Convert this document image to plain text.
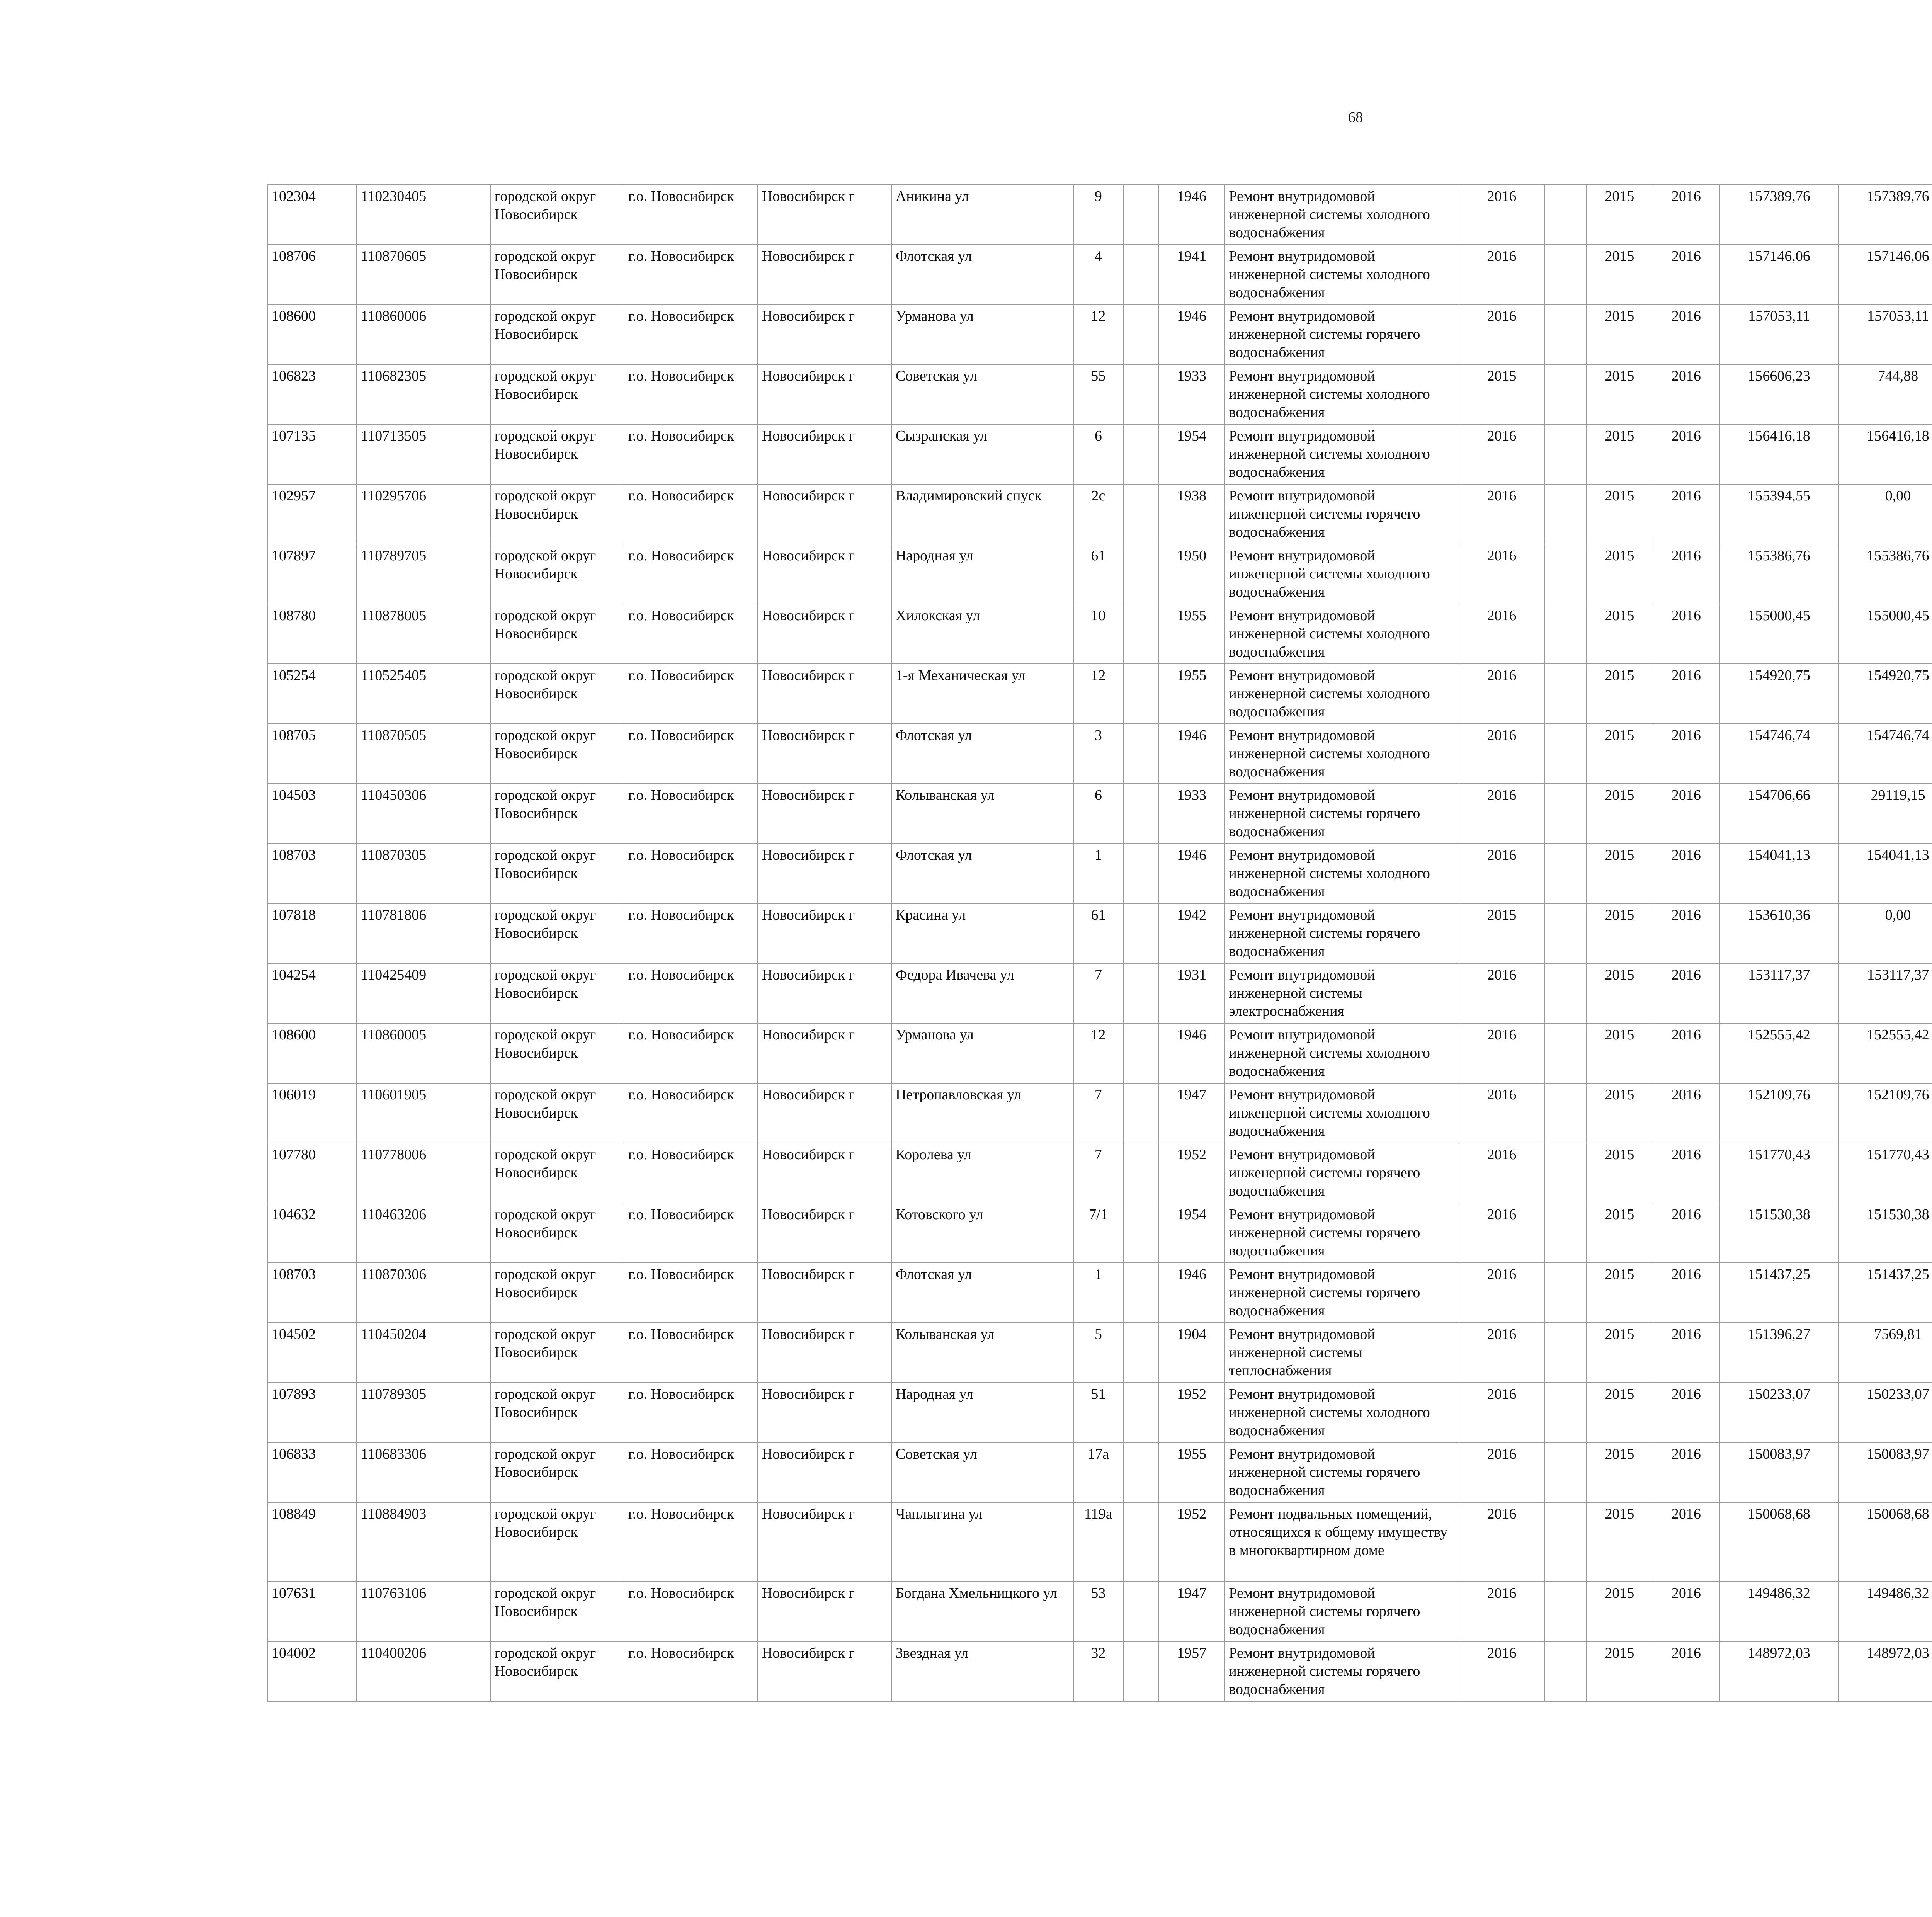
68
102304	110230405	городской округ Новосибирск	г.о. Новосибирск	Новосибирск г	Аникина ул	9		1946	Ремонт внутридомовой инженерной системы холодного водоснабжения	2016		2015	2016	157389,76	157389,76						
108706	110870605	городской округ Новосибирск	г.о. Новосибирск	Новосибирск г	Флотская ул	4		1941	Ремонт внутридомовой инженерной системы холодного водоснабжения	2016		2015	2016	157146,06	157146,06						
108600	110860006	городской округ Новосибирск	г.о. Новосибирск	Новосибирск г	Урманова ул	12		1946	Ремонт внутридомовой инженерной системы горячего водоснабжения	2016		2015	2016	157053,11	157053,11						
106823	110682305	городской округ Новосибирск	г.о. Новосибирск	Новосибирск г	Советская ул	55		1933	Ремонт внутридомовой инженерной системы холодного водоснабжения	2015		2015	2016	156606,23	744,88						
107135	110713505	городской округ Новосибирск	г.о. Новосибирск	Новосибирск г	Сызранская ул	6		1954	Ремонт внутридомовой инженерной системы холодного водоснабжения	2016		2015	2016	156416,18	156416,18						
102957	110295706	городской округ Новосибирск	г.о. Новосибирск	Новосибирск г	Владимировский спуск	2с		1938	Ремонт внутридомовой инженерной системы горячего водоснабжения	2016		2015	2016	155394,55	0,00						
107897	110789705	городской округ Новосибирск	г.о. Новосибирск	Новосибирск г	Народная ул	61		1950	Ремонт внутридомовой инженерной системы холодного водоснабжения	2016		2015	2016	155386,76	155386,76						
108780	110878005	городской округ Новосибирск	г.о. Новосибирск	Новосибирск г	Хилокская ул	10		1955	Ремонт внутридомовой инженерной системы холодного водоснабжения	2016		2015	2016	155000,45	155000,45						
105254	110525405	городской округ Новосибирск	г.о. Новосибирск	Новосибирск г	1-я Механическая ул	12		1955	Ремонт внутридомовой инженерной системы холодного водоснабжения	2016		2015	2016	154920,75	154920,75						
108705	110870505	городской округ Новосибирск	г.о. Новосибирск	Новосибирск г	Флотская ул	3		1946	Ремонт внутридомовой инженерной системы холодного водоснабжения	2016		2015	2016	154746,74	154746,74						
104503	110450306	городской округ Новосибирск	г.о. Новосибирск	Новосибирск г	Колыванская ул	6		1933	Ремонт внутридомовой инженерной системы горячего водоснабжения	2016		2015	2016	154706,66	29119,15						
108703	110870305	городской округ Новосибирск	г.о. Новосибирск	Новосибирск г	Флотская ул	1		1946	Ремонт внутридомовой инженерной системы холодного водоснабжения	2016		2015	2016	154041,13	154041,13						
107818	110781806	городской округ Новосибирск	г.о. Новосибирск	Новосибирск г	Красина ул	61		1942	Ремонт внутридомовой инженерной системы горячего водоснабжения	2015		2015	2016	153610,36	0,00						
104254	110425409	городской округ Новосибирск	г.о. Новосибирск	Новосибирск г	Федора Ивачева ул	7		1931	Ремонт внутридомовой инженерной системы электроснабжения	2016		2015	2016	153117,37	153117,37						
108600	110860005	городской округ Новосибирск	г.о. Новосибирск	Новосибирск г	Урманова ул	12		1946	Ремонт внутридомовой инженерной системы холодного водоснабжения	2016		2015	2016	152555,42	152555,42						
106019	110601905	городской округ Новосибирск	г.о. Новосибирск	Новосибирск г	Петропавловская ул	7		1947	Ремонт внутридомовой инженерной системы холодного водоснабжения	2016		2015	2016	152109,76	152109,76						
107780	110778006	городской округ Новосибирск	г.о. Новосибирск	Новосибирск г	Королева ул	7		1952	Ремонт внутридомовой инженерной системы горячего водоснабжения	2016		2015	2016	151770,43	151770,43						
104632	110463206	городской округ Новосибирск	г.о. Новосибирск	Новосибирск г	Котовского ул	7/1		1954	Ремонт внутридомовой инженерной системы горячего водоснабжения	2016		2015	2016	151530,38	151530,38						
108703	110870306	городской округ Новосибирск	г.о. Новосибирск	Новосибирск г	Флотская ул	1		1946	Ремонт внутридомовой инженерной системы горячего водоснабжения	2016		2015	2016	151437,25	151437,25						
104502	110450204	городской округ Новосибирск	г.о. Новосибирск	Новосибирск г	Колыванская ул	5		1904	Ремонт внутридомовой инженерной системы теплоснабжения	2016		2015	2016	151396,27	7569,81						
107893	110789305	городской округ Новосибирск	г.о. Новосибирск	Новосибирск г	Народная ул	51		1952	Ремонт внутридомовой инженерной системы холодного водоснабжения	2016		2015	2016	150233,07	150233,07						
106833	110683306	городской округ Новосибирск	г.о. Новосибирск	Новосибирск г	Советская ул	17а		1955	Ремонт внутридомовой инженерной системы горячего водоснабжения	2016		2015	2016	150083,97	150083,97						
108849	110884903	городской округ Новосибирск	г.о. Новосибирск	Новосибирск г	Чаплыгина ул	119а		1952	Ремонт подвальных помещений, относящихся к общему имуществу в многоквартирном доме	2016		2015	2016	150068,68	150068,68						
107631	110763106	городской округ Новосибирск	г.о. Новосибирск	Новосибирск г	Богдана Хмельницкого ул	53		1947	Ремонт внутридомовой инженерной системы горячего водоснабжения	2016		2015	2016	149486,32	149486,32						
104002	110400206	городской округ Новосибирск	г.о. Новосибирск	Новосибирск г	Звездная ул	32		1957	Ремонт внутридомовой инженерной системы горячего водоснабжения	2016		2015	2016	148972,03	148972,03						
